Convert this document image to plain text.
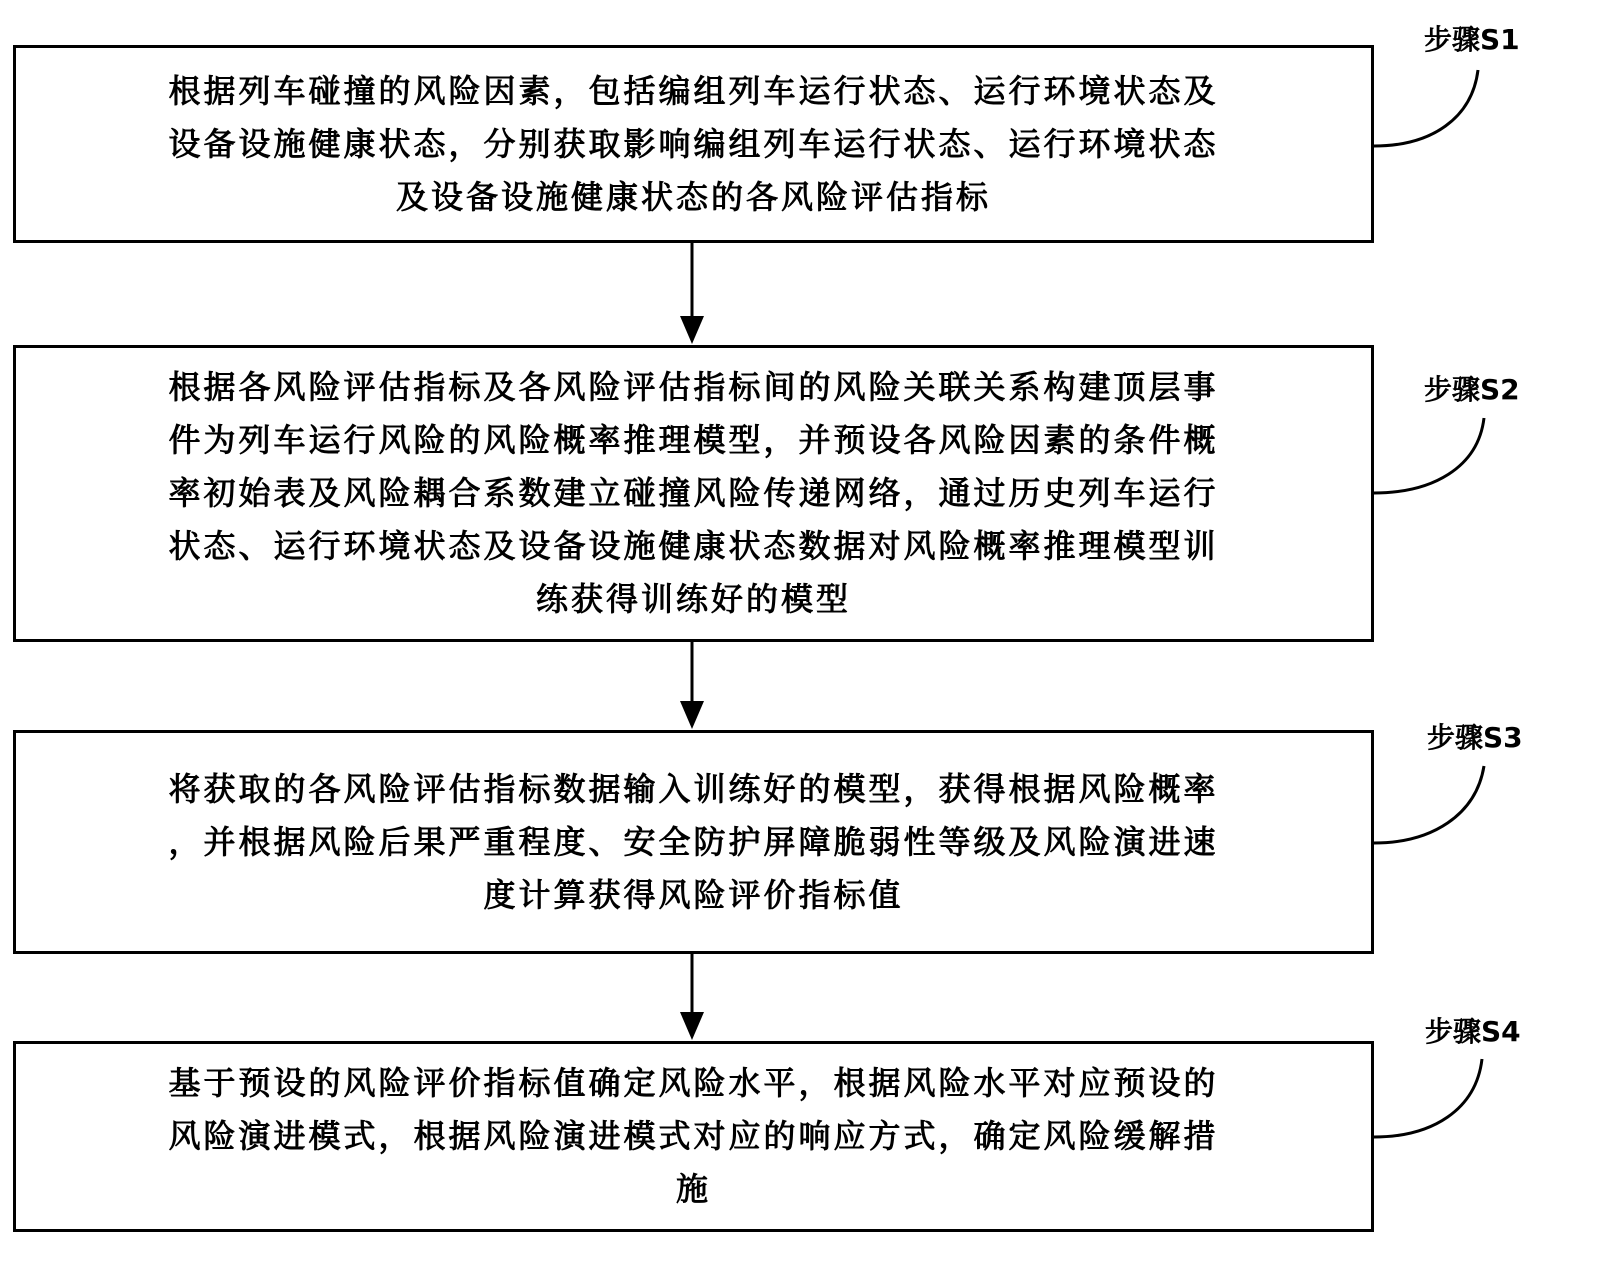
根据列车碰撞的风险因素，包括编组列车运行状态、运行环境状态及
设备设施健康状态，分别获取影响编组列车运行状态、运行环境状态
及设备设施健康状态的各风险评估指标
步骤S1
根据各风险评估指标及各风险评估指标间的风险关联关系构建顶层事
件为列车运行风险的风险概率推理模型，并预设各风险因素的条件概
率初始表及风险耦合系数建立碰撞风险传递网络，通过历史列车运行
状态、运行环境状态及设备设施健康状态数据对风险概率推理模型训
练获得训练好的模型
步骤S2
将获取的各风险评估指标数据输入训练好的模型，获得根据风险概率
，并根据风险后果严重程度、安全防护屏障脆弱性等级及风险演进速
度计算获得风险评价指标值
步骤S3
基于预设的风险评价指标值确定风险水平，根据风险水平对应预设的
风险演进模式，根据风险演进模式对应的响应方式，确定风险缓解措
施
步骤S4
